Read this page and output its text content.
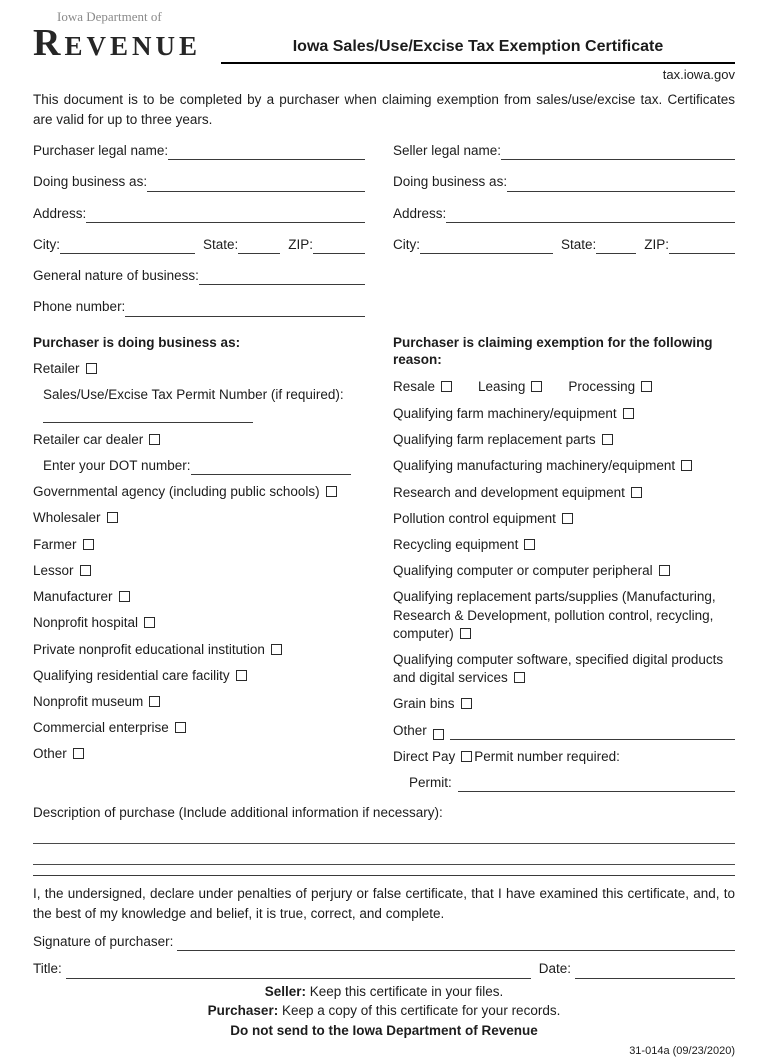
Iowa Department of
REVENUE	Iowa Sales/Use/Excise Tax Exemption Certificate
tax.iowa.gov
This document is to be completed by a purchaser when claiming exemption from sales/use/excise tax. Certificates are valid for up to three years.
Purchaser legal name:
Doing business as:
Address:
City:	State:	ZIP:
General nature of business:
Phone number:
Seller legal name:
Doing business as:
Address:
City:	State:	ZIP:
Purchaser is doing business as:
Retailer
Sales/Use/Excise Tax Permit Number (if required):
Retailer car dealer
Enter your DOT number:
Governmental agency (including public schools)
Wholesaler
Farmer
Lessor
Manufacturer
Nonprofit hospital
Private nonprofit educational institution
Qualifying residential care facility
Nonprofit museum
Commercial enterprise
Other
Purchaser is claiming exemption for the following reason:
Resale	Leasing	Processing
Qualifying farm machinery/equipment
Qualifying farm replacement parts
Qualifying manufacturing machinery/equipment
Research and development equipment
Pollution control equipment
Recycling equipment
Qualifying computer or computer peripheral
Qualifying replacement parts/supplies (Manufacturing, Research & Development, pollution control, recycling, computer)
Qualifying computer software, specified digital products and digital services
Grain bins
Other
Direct Pay Permit number required:
Permit:
Description of purchase (Include additional information if necessary):
I, the undersigned, declare under penalties of perjury or false certificate, that I have examined this certificate, and, to the best of my knowledge and belief, it is true, correct, and complete.
Signature of purchaser:
Title:	Date:
Seller: Keep this certificate in your files.
Purchaser: Keep a copy of this certificate for your records.
Do not send to the Iowa Department of Revenue
31-014a (09/23/2020)
